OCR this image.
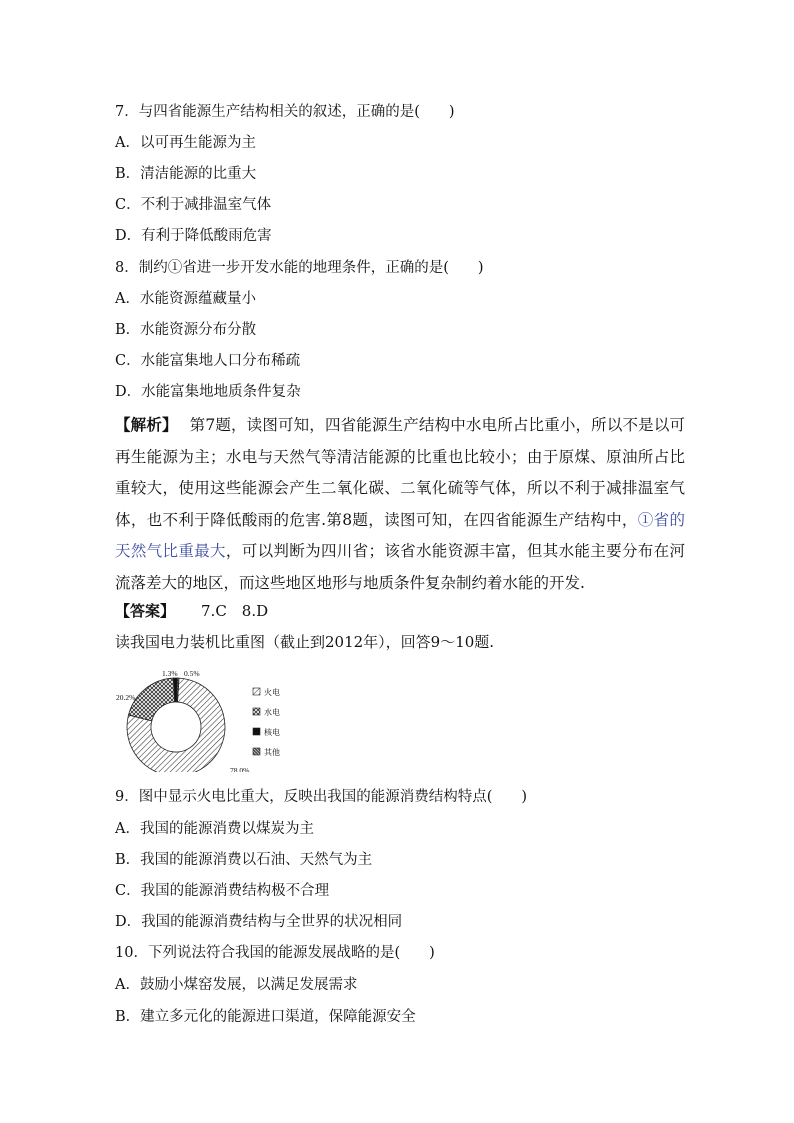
7．与四省能源生产结构相关的叙述，正确的是(　　)
A．以可再生能源为主
B．清洁能源的比重大
C．不利于减排温室气体
D．有利于降低酸雨危害
8．制约①省进一步开发水能的地理条件，正确的是(　　)
A．水能资源蕴藏量小
B．水能资源分布分散
C．水能富集地人口分布稀疏
D．水能富集地地质条件复杂
【解析】 第7题，读图可知，四省能源生产结构中水电所占比重小，所以不是以可再生能源为主；水电与天然气等清洁能源的比重也比较小；由于原煤、原油所占比重较大，使用这些能源会产生二氧化碳、二氧化硫等气体，所以不利于减排温室气体，也不利于降低酸雨的危害.第8题，读图可知，在四省能源生产结构中，①省的天然气比重最大，可以判断为四川省；该省水能资源丰富，但其水能主要分布在河流落差大的地区，而这些地区地形与地质条件复杂制约着水能的开发.
【答案】 7.C　8.D
读我国电力装机比重图（截止到2012年），回答9～10题.
78.0%
20.2%
1.3% 0.5%
火电
水电
核电
其他
9．图中显示火电比重大，反映出我国的能源消费结构特点(　　)
A．我国的能源消费以煤炭为主
B．我国的能源消费以石油、天然气为主
C．我国的能源消费结构极不合理
D．我国的能源消费结构与全世界的状况相同
10．下列说法符合我国的能源发展战略的是(　　)
A．鼓励小煤窑发展，以满足发展需求
B．建立多元化的能源进口渠道，保障能源安全
